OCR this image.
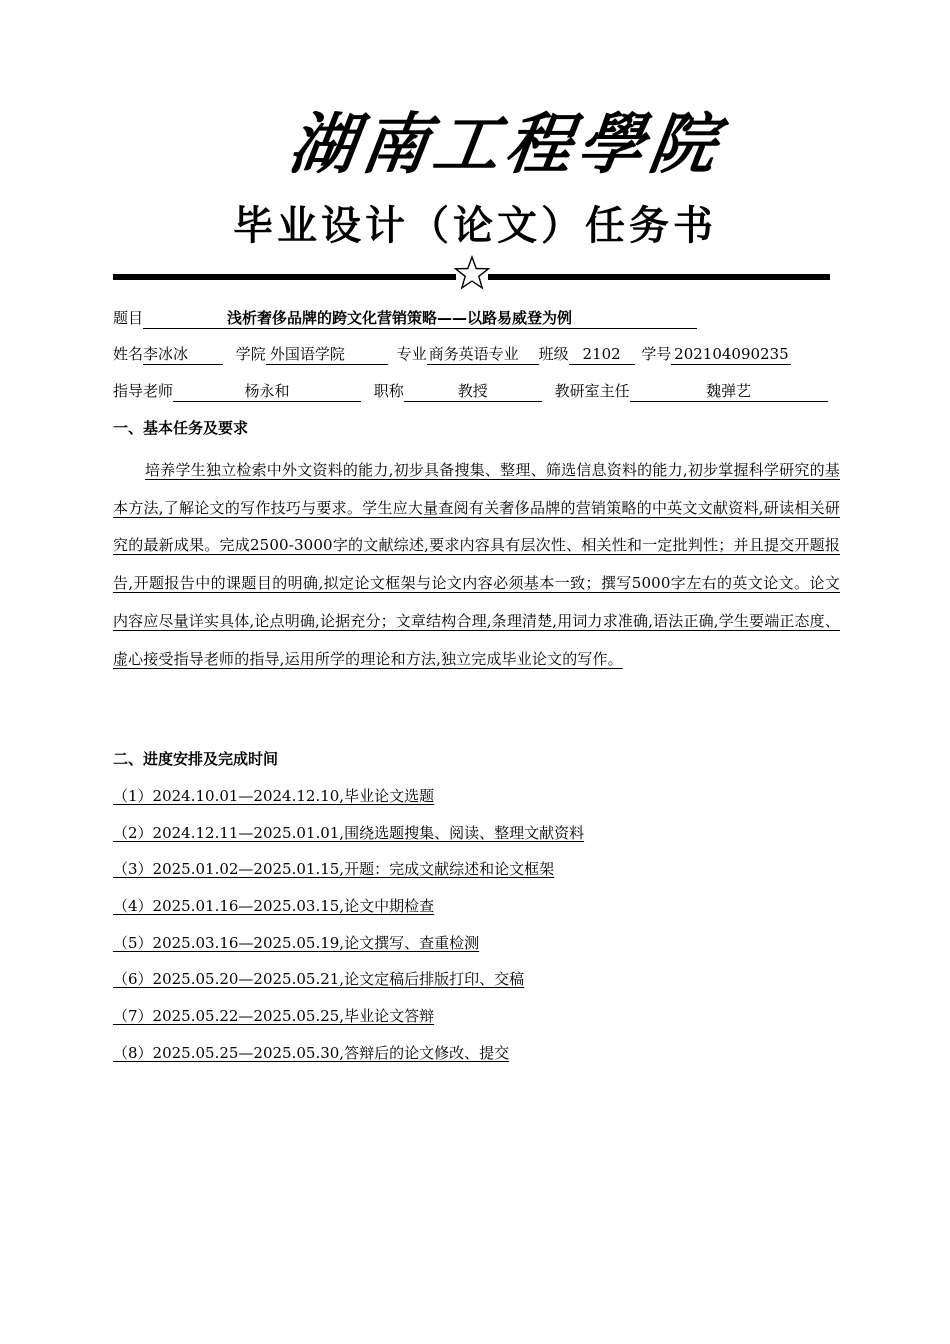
湖南工程學院
毕业设计（论文）任务书
题目	浅析奢侈品牌的跨文化营销策略——以路易威登为例
姓名李冰冰	学院 外国语学院	专业 商务英语专业 班级 2102 学号 202104090235
指导老师	杨永和	职称	教授	教研室主任	魏弹艺
一、基本任务及要求
培养学生独立检索中外文资料的能力,初步具备搜集、整理、筛选信息资料的能力,初步掌握科学研究的基本方法,了解论文的写作技巧与要求。学生应大量查阅有关奢侈品牌的营销策略的中英文文献资料,研读相关研究的最新成果。完成2500-3000字的文献综述,要求内容具有层次性、相关性和一定批判性；并且提交开题报告,开题报告中的课题目的明确,拟定论文框架与论文内容必须基本一致；撰写5000字左右的英文论文。论文内容应尽量详实具体,论点明确,论据充分；文章结构合理,条理清楚,用词力求准确,语法正确,学生要端正态度、虚心接受指导老师的指导,运用所学的理论和方法,独立完成毕业论文的写作。
二、进度安排及完成时间
（1）2024.10.01—2024.12.10,毕业论文选题
（2）2024.12.11—2025.01.01,围绕选题搜集、阅读、整理文献资料
（3）2025.01.02—2025.01.15,开题：完成文献综述和论文框架
（4）2025.01.16—2025.03.15,论文中期检查
（5）2025.03.16—2025.05.19,论文撰写、查重检测
（6）2025.05.20—2025.05.21,论文定稿后排版打印、交稿
（7）2025.05.22—2025.05.25,毕业论文答辩
（8）2025.05.25—2025.05.30,答辩后的论文修改、提交
